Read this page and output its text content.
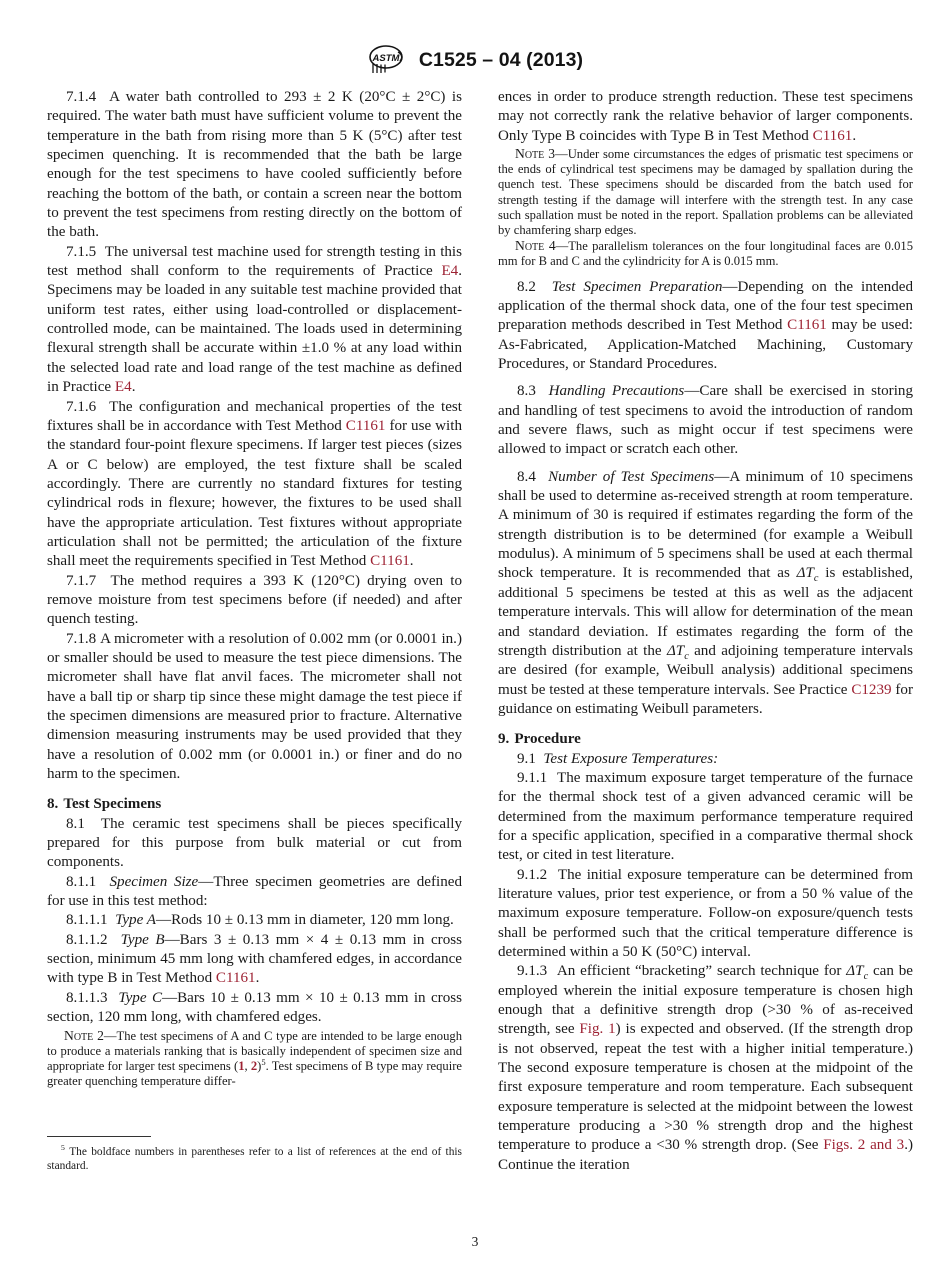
ASTM C1525 – 04 (2013)

7.1.4 A water bath controlled to 293 ± 2 K (20°C ± 2°C) is required. The water bath must have sufficient volume to prevent the temperature in the bath from rising more than 5 K (5°C) after test specimen quenching. It is recommended that the bath be large enough for the test specimens to have cooled sufficiently before reaching the bottom of the bath, or contain a screen near the bottom to prevent the test specimens from resting directly on the bottom of the bath.

7.1.5  The universal test machine used for strength testing in this test method shall conform to the requirements of Practice E4. Specimens may be loaded in any suitable test machine provided that uniform test rates, either using load-controlled or displacement-controlled mode, can be maintained. The loads used in determining flexural strength shall be accurate within ±1.0 % at any load within the selected load rate and load range of the test machine as defined in Practice E4.

7.1.6  The configuration and mechanical properties of the test fixtures shall be in accordance with Test Method C1161 for use with the standard four-point flexure specimens. If larger test pieces (sizes A or C below) are employed, the test fixture shall be scaled accordingly. There are currently no standard fixtures for testing cylindrical rods in flexure; however, the fixtures to be used shall have the appropriate articulation. Test fixtures without appropriate articulation shall not be permitted; the articulation of the fixture shall meet the requirements specified in Test Method C1161.

7.1.7 The method requires a 393 K (120°C) drying oven to remove moisture from test specimens before (if needed) and after quench testing.

7.1.8 A micrometer with a resolution of 0.002 mm (or 0.0001 in.) or smaller should be used to measure the test piece dimensions. The micrometer shall have flat anvil faces. The micrometer shall not have a ball tip or sharp tip since these might damage the test piece if the specimen dimensions are measured prior to fracture. Alternative dimension measuring instruments may be used provided that they have a resolution of 0.002 mm (or 0.0001 in.) or finer and do no harm to the specimen.

8. Test Specimens

8.1 The ceramic test specimens shall be pieces specifically prepared for this purpose from bulk material or cut from components.

8.1.1 Specimen Size—Three specimen geometries are defined for use in this test method:

8.1.1.1 Type A—Rods 10 ± 0.13 mm in diameter, 120 mm long.

8.1.1.2 Type B—Bars 3 ± 0.13 mm × 4 ± 0.13 mm in cross section, minimum 45 mm long with chamfered edges, in accordance with type B in Test Method C1161.

8.1.1.3 Type C—Bars 10 ± 0.13 mm × 10 ± 0.13 mm in cross section, 120 mm long, with chamfered edges.

Note 2—The test specimens of A and C type are intended to be large enough to produce a materials ranking that is basically independent of specimen size and appropriate for larger test specimens (1, 2)$^5$. Test specimens of B type may require greater quenching temperature differ-

ences in order to produce strength reduction. These test specimens may not correctly rank the relative behavior of larger components. Only Type B coincides with Type B in Test Method C1161.

Note 3—Under some circumstances the edges of prismatic test specimens or the ends of cylindrical test specimens may be damaged by spallation during the quench test. These specimens should be discarded from the batch used for strength testing if the damage will interfere with the strength test. In any case such spallation must be noted in the report. Spallation problems can be alleviated by chamfering sharp edges.

Note 4—The parallelism tolerances on the four longitudinal faces are 0.015 mm for B and C and the cylindricity for A is 0.015 mm.

8.2 Test Specimen Preparation—Depending on the intended application of the thermal shock data, one of the four test specimen preparation methods described in Test Method C1161 may be used: As-Fabricated, Application-Matched Machining, Customary Procedures, or Standard Procedures.

8.3 Handling Precautions—Care shall be exercised in storing and handling of test specimens to avoid the introduction of random and severe flaws, such as might occur if test specimens were allowed to impact or scratch each other.

8.4 Number of Test Specimens—A minimum of 10 specimens shall be used to determine as-received strength at room temperature. A minimum of 30 is required if estimates regarding the form of the strength distribution is to be determined (for example a Weibull modulus). A minimum of 5 specimens shall be used at each thermal shock temperature. It is recommended that as $\Delta T_c$ is established, additional 5 specimens be tested at this as well as the adjacent temperature intervals. This will allow for determination of the mean and standard deviation. If estimates regarding the form of the strength distribution at the $\Delta T_c$ and adjoining temperature intervals are desired (for example, Weibull analysis) additional specimens must be tested at these temperature intervals. See Practice C1239 for guidance on estimating Weibull parameters.

9. Procedure

9.1 Test Exposure Temperatures:

9.1.1 The maximum exposure target temperature of the furnace for the thermal shock test of a given advanced ceramic will be determined from the maximum performance temperature required for a specific application, specified in a comparative thermal shock test, or cited in test literature.

9.1.2 The initial exposure temperature can be determined from literature values, prior test experience, or from a 50 % value of the maximum exposure temperature. Follow-on exposure/quench tests shall be performed such that the critical temperature difference is determined within a 50 K (50°C) interval.

9.1.3 An efficient “bracketing” search technique for $\Delta T_c$ can be employed wherein the initial exposure temperature is chosen high enough that a definitive strength drop (>30 % of as-received strength, see Fig. 1) is expected and observed. (If the strength drop is not observed, repeat the test with a higher initial temperature.) The second exposure temperature is chosen at the midpoint of the first exposure temperature and room temperature. Each subsequent exposure temperature is selected at the midpoint between the lowest temperature producing a >30 % strength drop and the highest temperature to produce a <30 % strength drop. (See Figs. 2 and 3.) Continue the iteration

$^5$ The boldface numbers in parentheses refer to a list of references at the end of this standard.

3
